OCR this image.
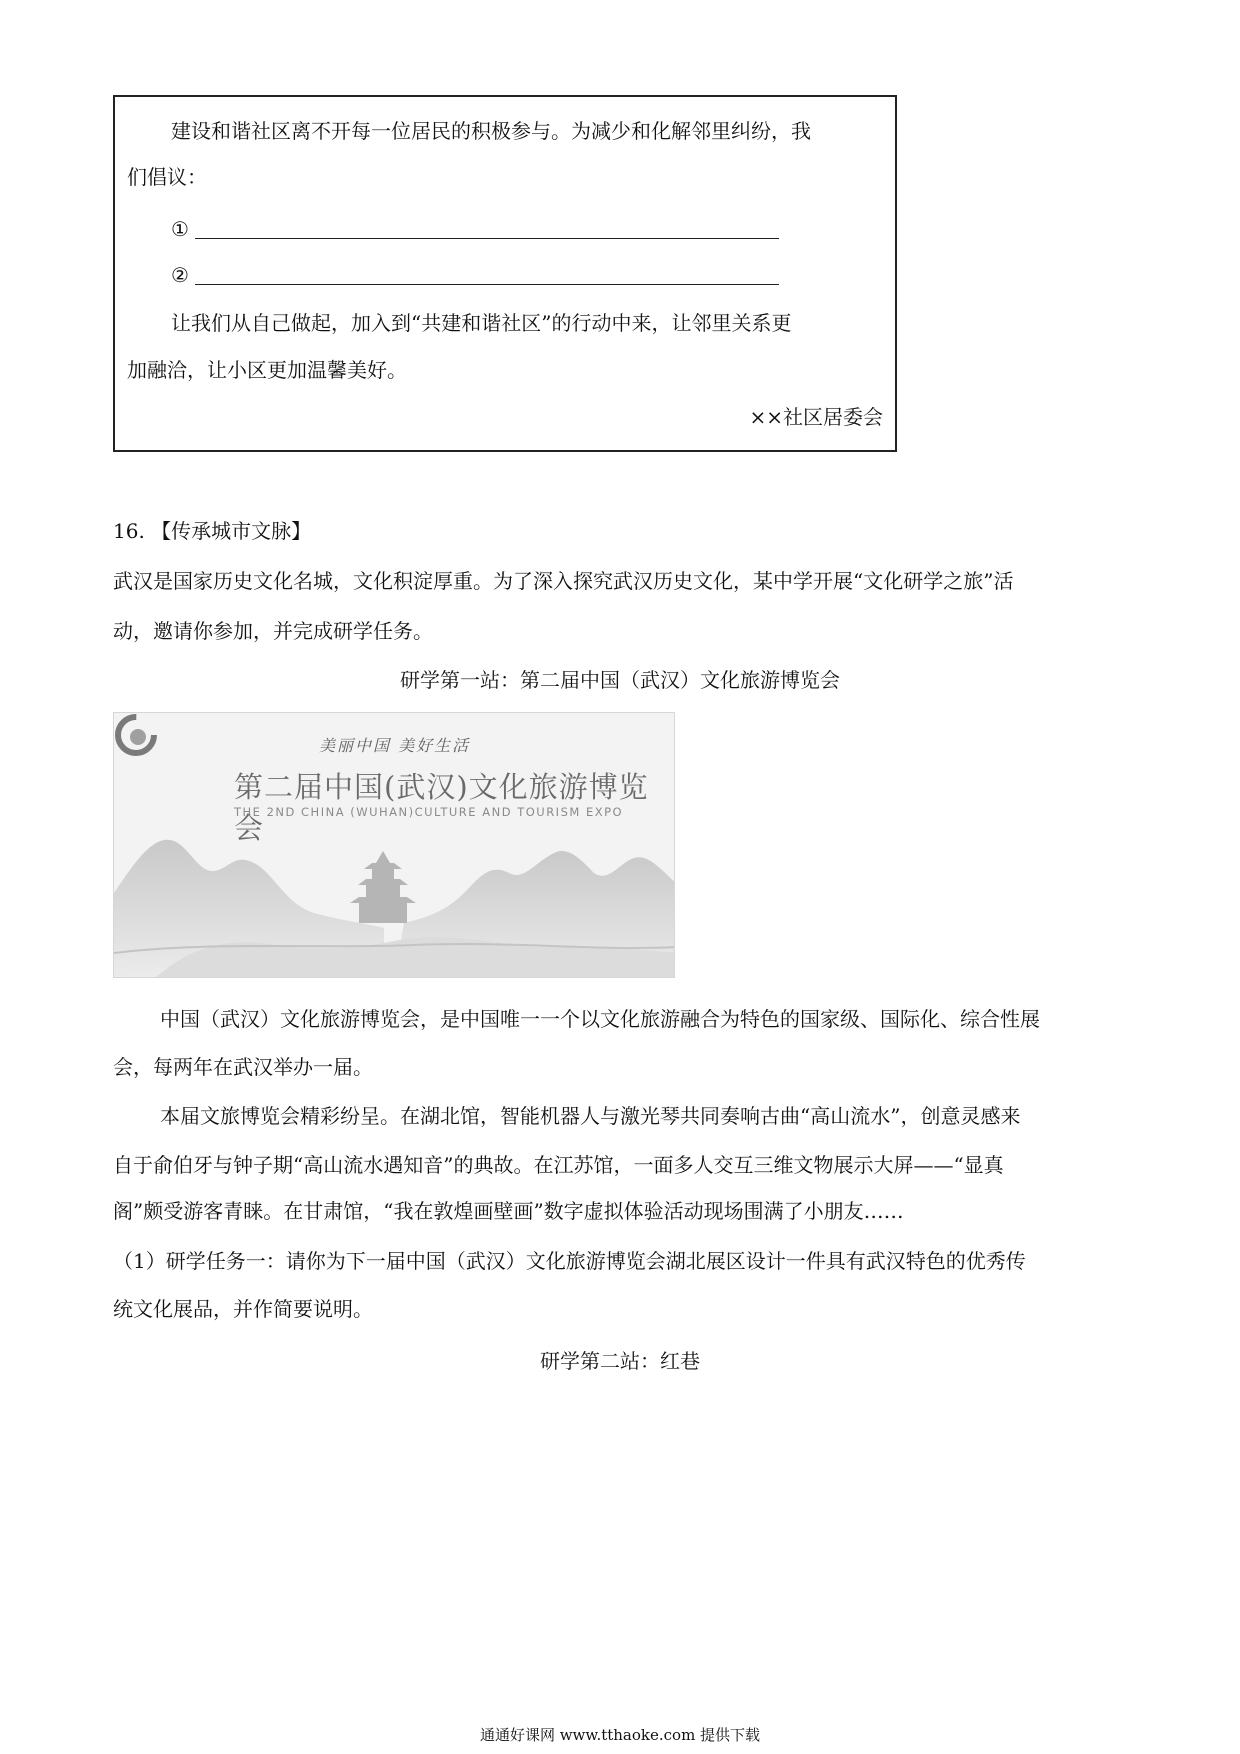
建设和谐社区离不开每一位居民的积极参与。为减少和化解邻里纠纷，我
们倡议：
①
②
让我们从自己做起，加入到“共建和谐社区”的行动中来，让邻里关系更
加融洽，让小区更加温馨美好。
××社区居委会
16. 【传承城市文脉】
武汉是国家历史文化名城，文化积淀厚重。为了深入探究武汉历史文化，某中学开展“文化研学之旅”活
动，邀请你参加，并完成研学任务。
研学第一站：第二届中国（武汉）文化旅游博览会
美丽中国 美好生活
第二届中国(武汉)文化旅游博览会
THE 2ND CHINA (WUHAN)CULTURE AND TOURISM EXPO
中国（武汉）文化旅游博览会，是中国唯一一个以文化旅游融合为特色的国家级、国际化、综合性展
会，每两年在武汉举办一届。
本届文旅博览会精彩纷呈。在湖北馆，智能机器人与激光琴共同奏响古曲“高山流水”，创意灵感来
自于俞伯牙与钟子期“高山流水遇知音”的典故。在江苏馆，一面多人交互三维文物展示大屏——“显真
阁”颇受游客青睐。在甘肃馆，“我在敦煌画壁画”数字虚拟体验活动现场围满了小朋友……
（1）研学任务一：请你为下一届中国（武汉）文化旅游博览会湖北展区设计一件具有武汉特色的优秀传
统文化展品，并作简要说明。
研学第二站：红巷
通通好课网 www.tthaoke.com 提供下载
